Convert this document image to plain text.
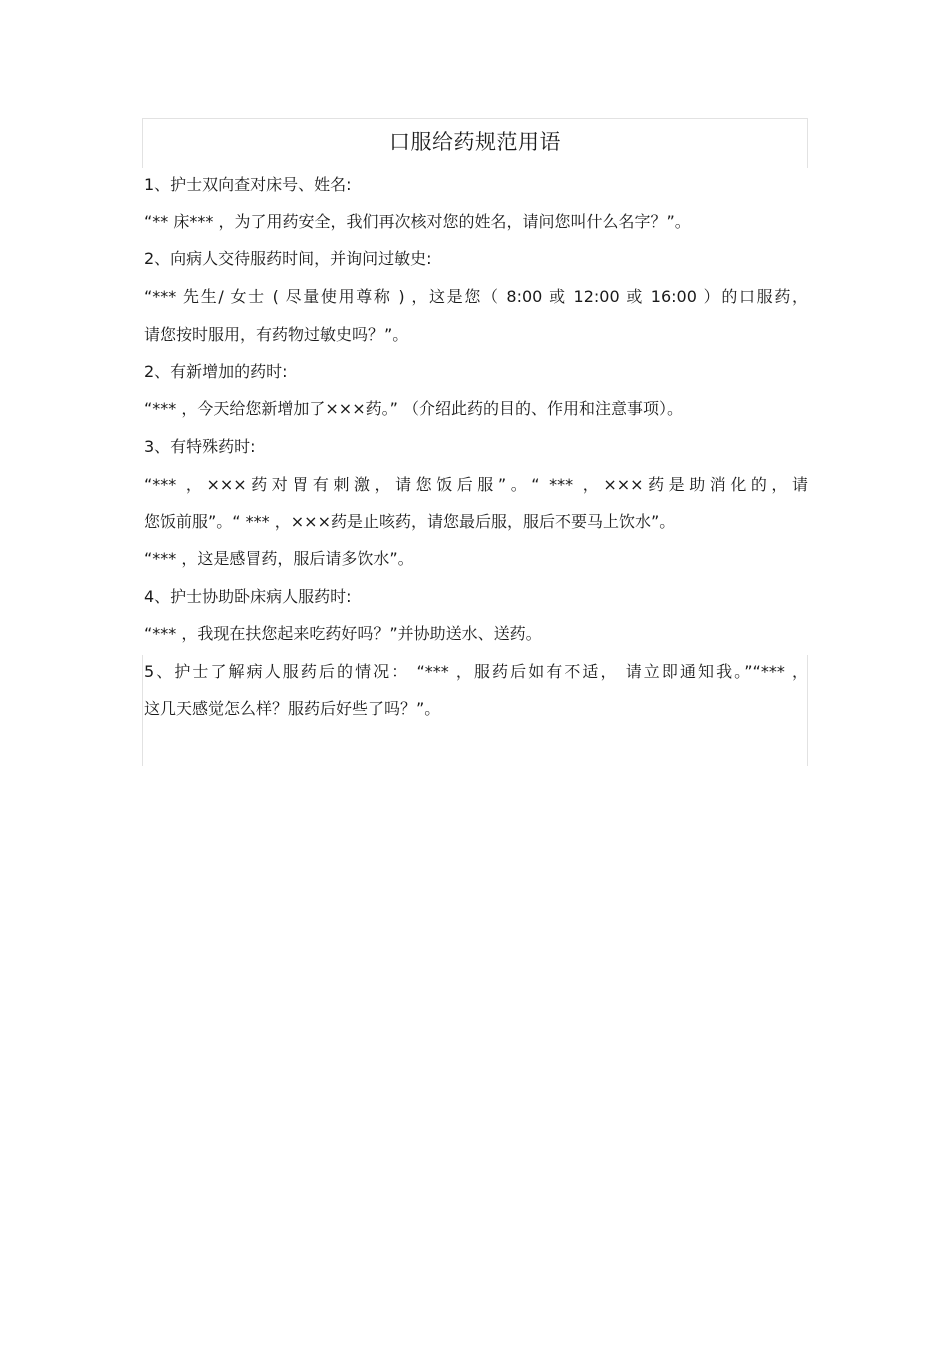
口服给药规范用语
1、护士双向查对床号、姓名:
“** 床*** ，为了用药安全，我们再次核对您的姓名，请问您叫什么名字？”。
2、向病人交待服药时间，并询问过敏史:
“*** 先生/ 女士 ( 尽量使用尊称 ) ，这是您（ 8:00 或 12:00 或 16:00 ）的口服药，
请您按时服用，有药物过敏史吗？”。
2、有新增加的药时:
“*** ，今天给您新增加了×××药。” （介绍此药的目的、作用和注意事项）。
3、有特殊药时:
“*** ，×××药对胃有刺激，请您饭后服”。“ *** ，×××药是助消化的，请
您饭前服”。“ *** ，×××药是止咳药，请您最后服，服后不要马上饮水”。
“*** ，这是感冒药，服后请多饮水”。
4、护士协助卧床病人服药时:
“*** ，我现在扶您起来吃药好吗？”并协助送水、送药。
5、护士了解病人服药后的情况： “*** ，服药后如有不适， 请立即通知我。”“*** ，
这几天感觉怎么样？服药后好些了吗？”。
